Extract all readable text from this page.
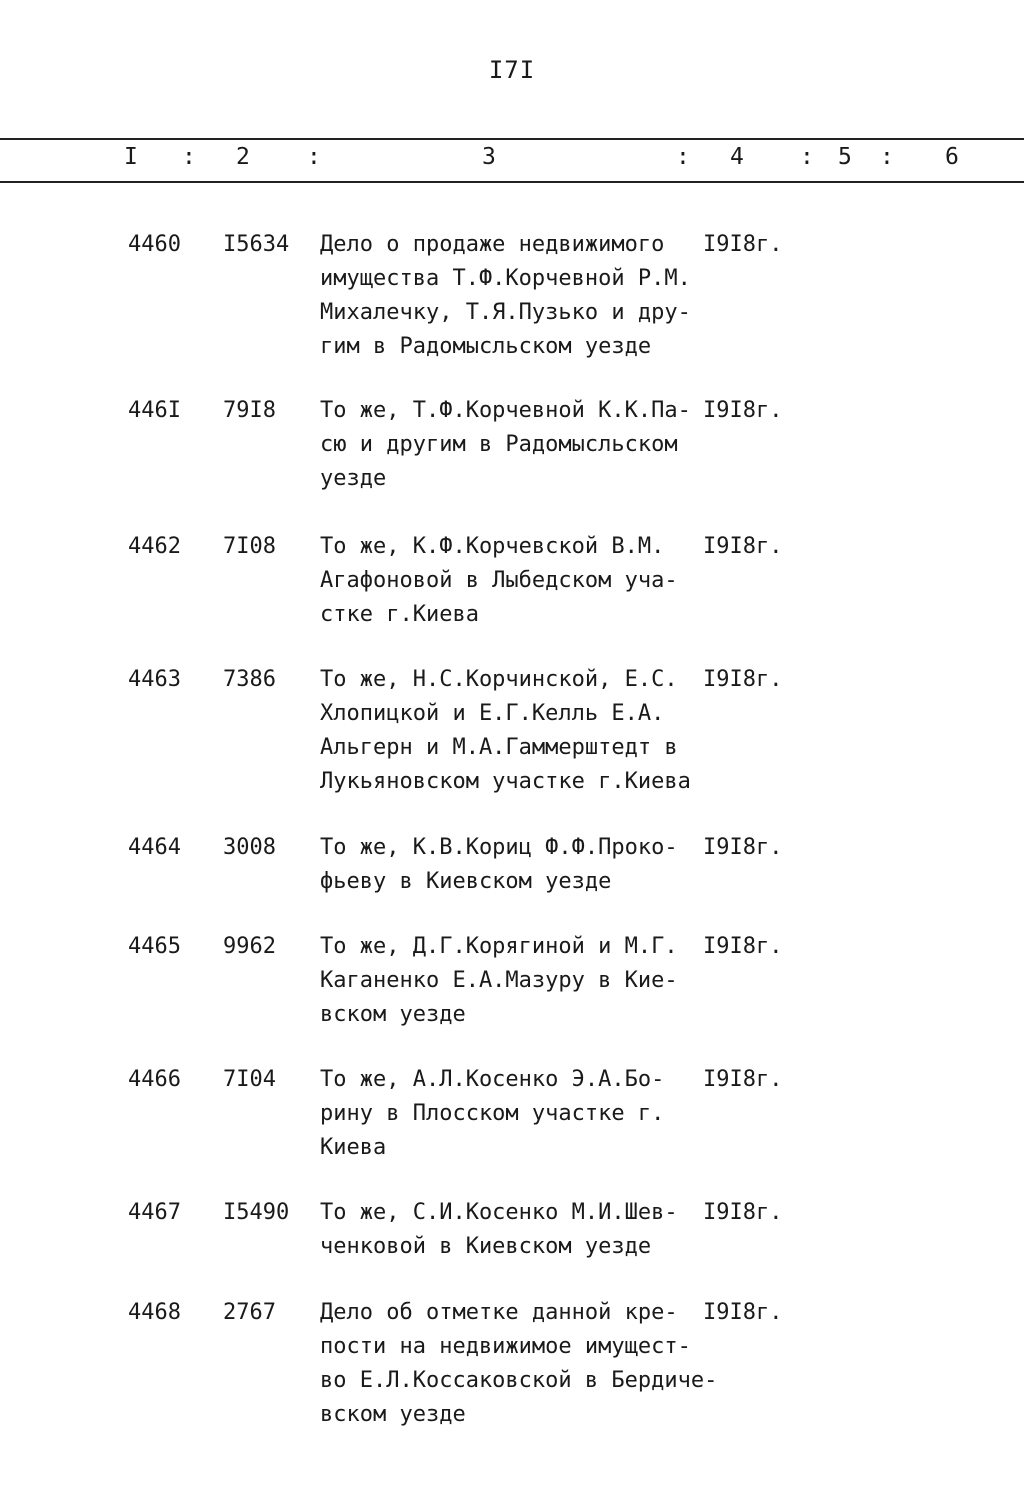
I7I
I : 2 :	3	: 4 : 5 : 6
4460 I5634 Дело о продаже недвижимого
имущества Т.Ф.Корчевной Р.М.
Михалечку, Т.Я.Пузько и дру-
гим в Радомысльском уезде
I9I8г.
446I 79I8 То же, Т.Ф.Корчевной К.К.Па-
сю и другим в Радомысльском
уезде
I9I8г.
4462 7I08 То же, К.Ф.Корчевской В.М.
Агафоновой в Лыбедском уча-
стке г.Киева
I9I8г.
4463 7386 То же, Н.С.Корчинской, Е.С.
Хлопицкой и Е.Г.Келль Е.А.
Альгерн и М.А.Гаммерштедт в
Лукьяновском участке г.Киева
I9I8г.
4464 3008 То же, К.В.Кориц Ф.Ф.Проко-
фьеву в Киевском уезде
I9I8г.
4465 9962 То же, Д.Г.Корягиной и М.Г.
Каганенко Е.А.Мазуру в Кие-
вском уезде
I9I8г.
4466 7I04 То же, А.Л.Косенко Э.А.Бо-
рину в Плосском участке г.
Киева
I9I8г.
4467 I5490 То же, С.И.Косенко М.И.Шев-
ченковой в Киевском уезде
I9I8г.
4468 2767 Дело об отметке данной кре-
пости на недвижимое имущест-
во Е.Л.Коссаковской в Бердиче-
вском уезде
I9I8г.
